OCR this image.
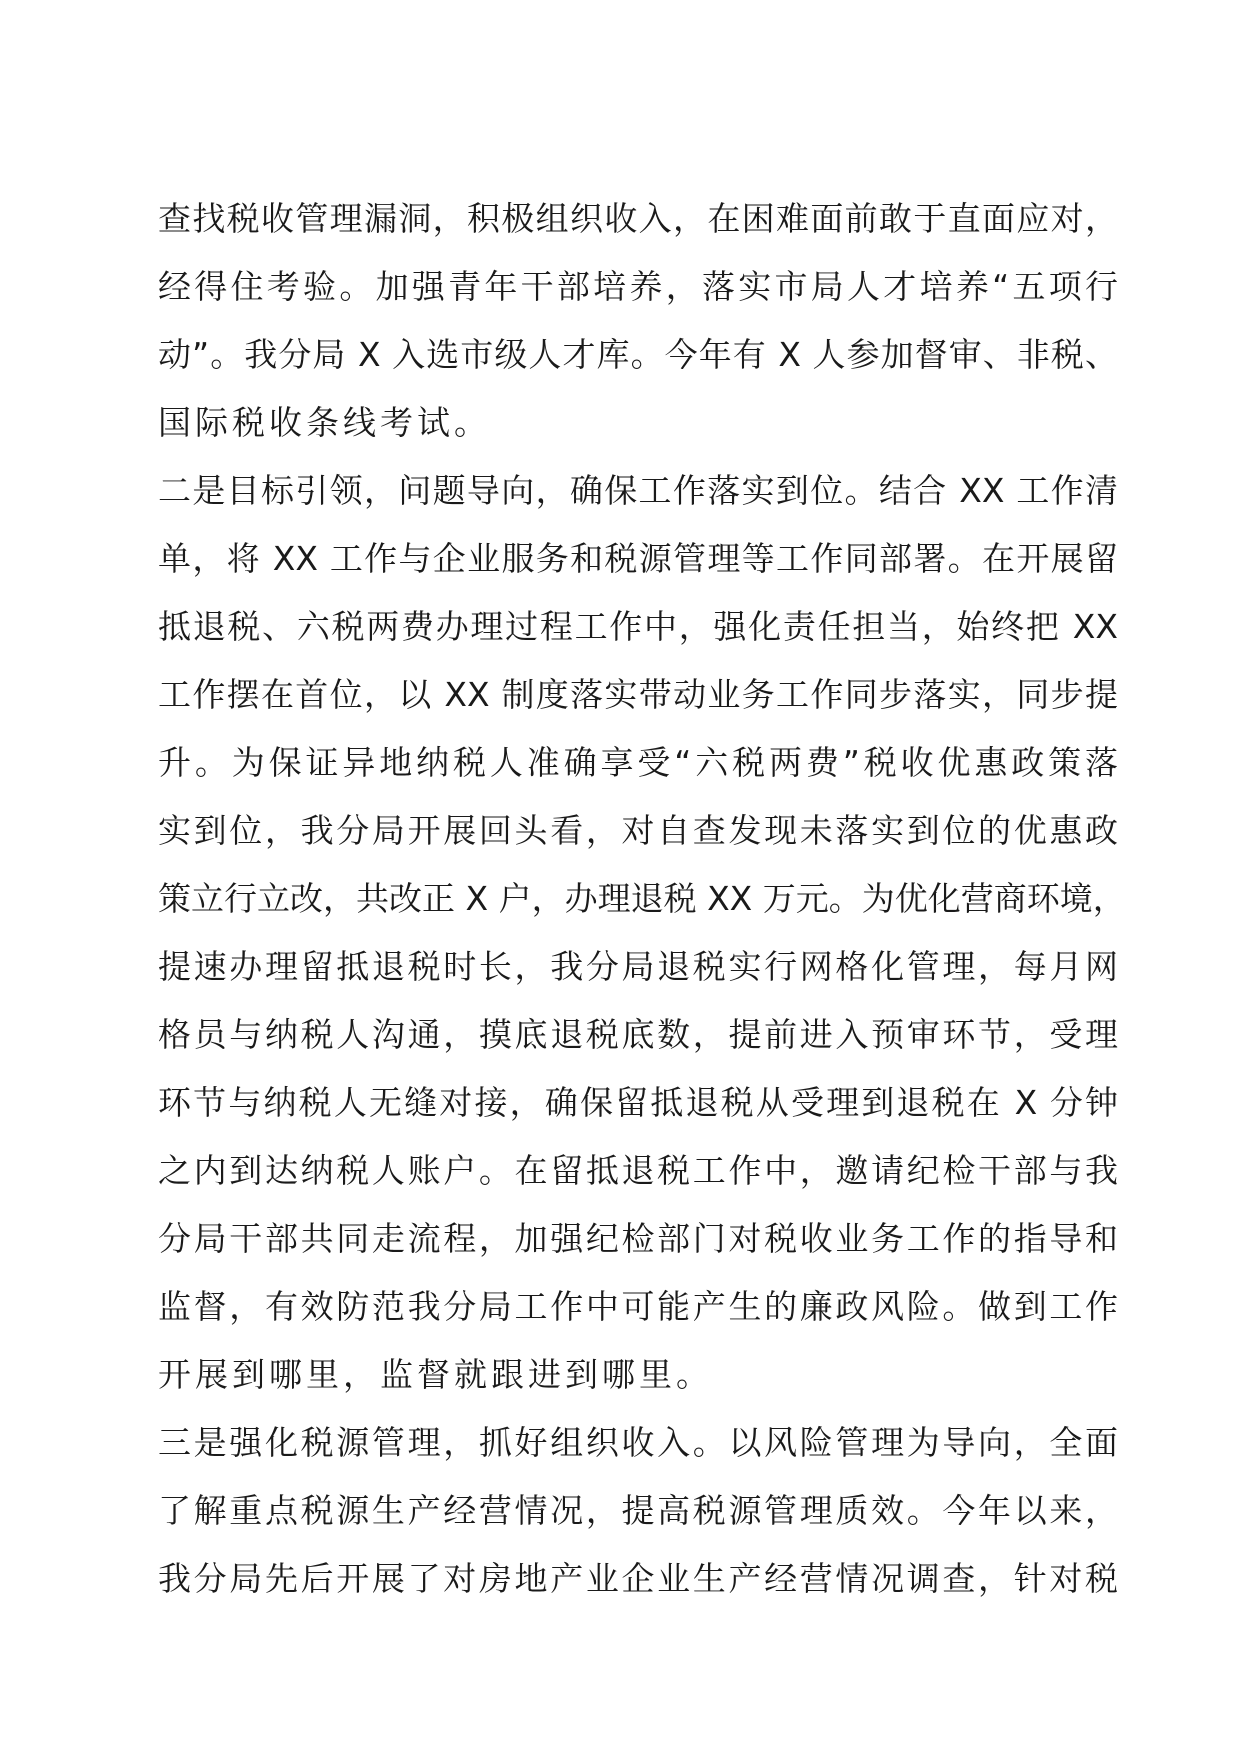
查找税收管理漏洞，积极组织收入，在困难面前敢于直面应对，
经得住考验。加强青年干部培养，落实市局人才培养“五项行
动”。我分局 X 入选市级人才库。今年有 X 人参加督审、非税、
国际税收条线考试。
二是目标引领，问题导向，确保工作落实到位。结合 XX 工作清
单，将 XX 工作与企业服务和税源管理等工作同部署。在开展留
抵退税、六税两费办理过程工作中，强化责任担当，始终把 XX
工作摆在首位，以 XX 制度落实带动业务工作同步落实，同步提
升。为保证异地纳税人准确享受“六税两费”税收优惠政策落
实到位，我分局开展回头看，对自查发现未落实到位的优惠政
策立行立改，共改正 X 户，办理退税 XX 万元。为优化营商环境，
提速办理留抵退税时长，我分局退税实行网格化管理，每月网
格员与纳税人沟通，摸底退税底数，提前进入预审环节，受理
环节与纳税人无缝对接，确保留抵退税从受理到退税在 X 分钟
之内到达纳税人账户。在留抵退税工作中，邀请纪检干部与我
分局干部共同走流程，加强纪检部门对税收业务工作的指导和
监督，有效防范我分局工作中可能产生的廉政风险。做到工作
开展到哪里，监督就跟进到哪里。
三是强化税源管理，抓好组织收入。以风险管理为导向，全面
了解重点税源生产经营情况，提高税源管理质效。今年以来，
我分局先后开展了对房地产业企业生产经营情况调查，针对税
